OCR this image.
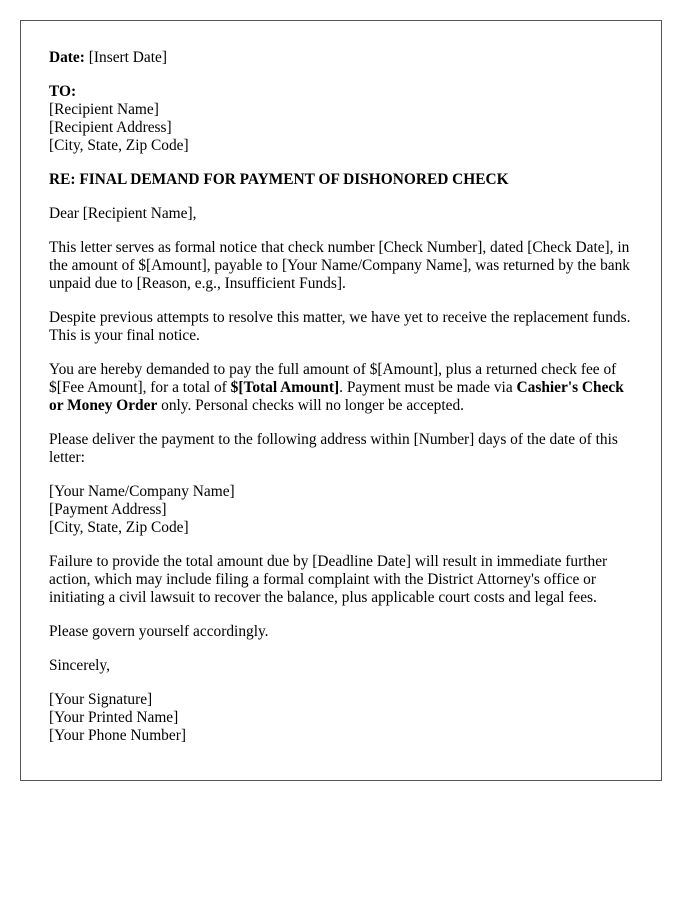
Date: [Insert Date]
TO:
[Recipient Name]
[Recipient Address]
[City, State, Zip Code]
RE: FINAL DEMAND FOR PAYMENT OF DISHONORED CHECK
Dear [Recipient Name],
This letter serves as formal notice that check number [Check Number], dated [Check Date], in the amount of $[Amount], payable to [Your Name/Company Name], was returned by the bank unpaid due to [Reason, e.g., Insufficient Funds].
Despite previous attempts to resolve this matter, we have yet to receive the replacement funds. This is your final notice.
You are hereby demanded to pay the full amount of $[Amount], plus a returned check fee of $[Fee Amount], for a total of $[Total Amount]. Payment must be made via Cashier's Check or Money Order only. Personal checks will no longer be accepted.
Please deliver the payment to the following address within [Number] days of the date of this letter:
[Your Name/Company Name]
[Payment Address]
[City, State, Zip Code]
Failure to provide the total amount due by [Deadline Date] will result in immediate further action, which may include filing a formal complaint with the District Attorney's office or initiating a civil lawsuit to recover the balance, plus applicable court costs and legal fees.
Please govern yourself accordingly.
Sincerely,
[Your Signature]
[Your Printed Name]
[Your Phone Number]
